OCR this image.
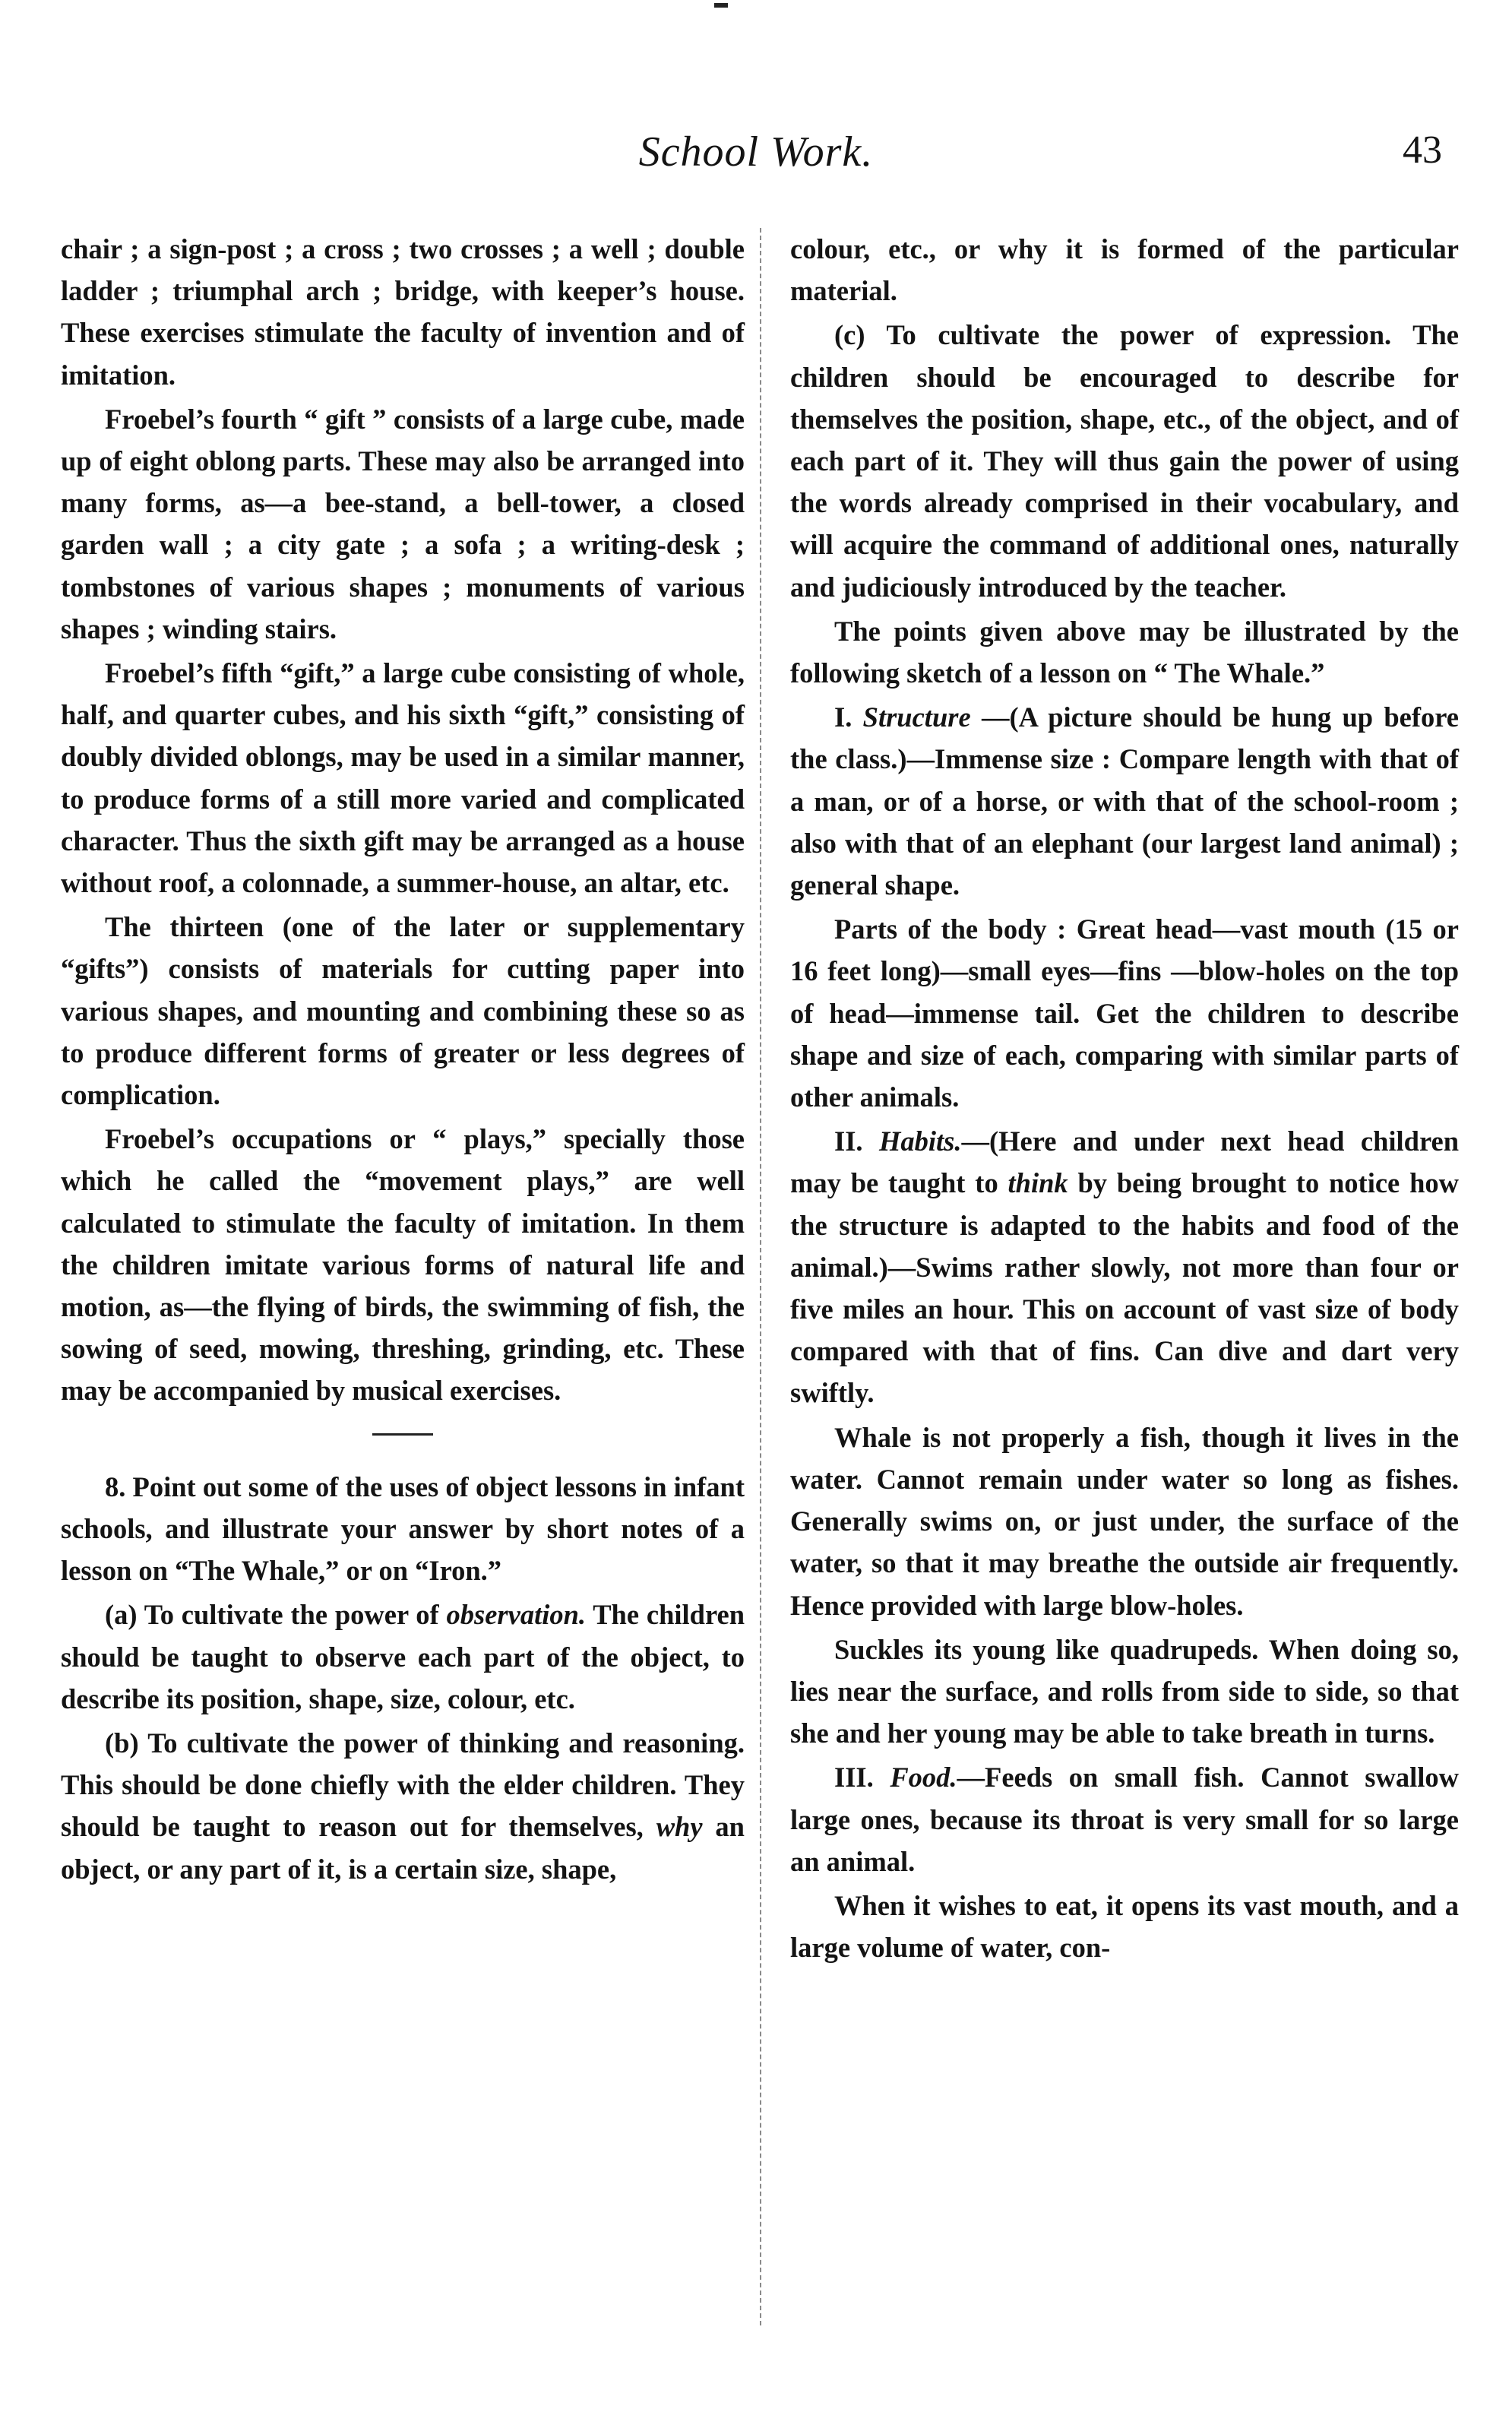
School Work.	43

chair ; a sign-post ; a cross ; two crosses ; a well ; double ladder ; triumphal arch ; bridge, with keeper’s house. These exercises stimulate the faculty of invention and of imitation.

Froebel’s fourth “ gift ” consists of a large cube, made up of eight oblong parts. These may also be arranged into many forms, as—a bee-stand, a bell-tower, a closed garden wall ; a city gate ; a sofa ; a writing-desk ; tombstones of various shapes ; monuments of various shapes ; winding stairs.

Froebel’s fifth “gift,” a large cube consisting of whole, half, and quarter cubes, and his sixth “gift,” consisting of doubly divided oblongs, may be used in a similar manner, to produce forms of a still more varied and complicated character. Thus the sixth gift may be arranged as a house without roof, a colonnade, a summer-house, an altar, etc.

The thirteen (one of the later or supplementary “gifts”) consists of materials for cutting paper into various shapes, and mounting and combining these so as to produce different forms of greater or less degrees of complication.

Froebel’s occupations or “ plays,” specially those which he called the “movement plays,” are well calculated to stimulate the faculty of imitation. In them the children imitate various forms of natural life and motion, as—the flying of birds, the swimming of fish, the sowing of seed, mowing, threshing, grinding, etc. These may be accompanied by musical exercises.

8. Point out some of the uses of object lessons in infant schools, and illustrate your answer by short notes of a lesson on “The Whale,” or on “Iron.”

(a) To cultivate the power of observation. The children should be taught to observe each part of the object, to describe its position, shape, size, colour, etc.

(b) To cultivate the power of thinking and reasoning. This should be done chiefly with the elder children. They should be taught to reason out for themselves, why an object, or any part of it, is a certain size, shape,

colour, etc., or why it is formed of the particular material.

(c) To cultivate the power of expression. The children should be encouraged to describe for themselves the position, shape, etc., of the object, and of each part of it. They will thus gain the power of using the words already comprised in their vocabulary, and will acquire the command of additional ones, naturally and judiciously introduced by the teacher.

The points given above may be illustrated by the following sketch of a lesson on “ The Whale.”

I. Structure —(A picture should be hung up before the class.)—Immense size : Compare length with that of a man, or of a horse, or with that of the school-room ; also with that of an elephant (our largest land animal) ; general shape.

Parts of the body : Great head—vast mouth (15 or 16 feet long)—small eyes—fins —blow-holes on the top of head—immense tail. Get the children to describe shape and size of each, comparing with similar parts of other animals.

II. Habits.—(Here and under next head children may be taught to think by being brought to notice how the structure is adapted to the habits and food of the animal.)—Swims rather slowly, not more than four or five miles an hour. This on account of vast size of body compared with that of fins. Can dive and dart very swiftly.

Whale is not properly a fish, though it lives in the water. Cannot remain under water so long as fishes. Generally swims on, or just under, the surface of the water, so that it may breathe the outside air frequently. Hence provided with large blow-holes.

Suckles its young like quadrupeds. When doing so, lies near the surface, and rolls from side to side, so that she and her young may be able to take breath in turns.

III. Food.—Feeds on small fish. Cannot swallow large ones, because its throat is very small for so large an animal.

When it wishes to eat, it opens its vast mouth, and a large volume of water, con-
